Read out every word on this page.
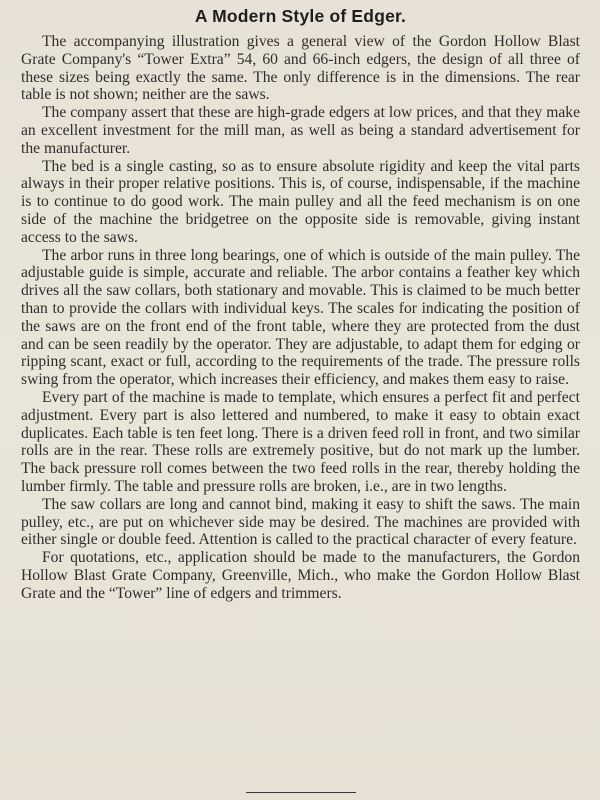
A Modern Style of Edger.

The accompanying illustration gives a general view of the Gordon Hollow Blast Grate Company's “Tower Extra” 54, 60 and 66-inch edgers, the design of all three of these sizes being exactly the same. The only difference is in the dimensions. The rear table is not shown; neither are the saws.

The company assert that these are high-grade edgers at low prices, and that they make an excellent investment for the mill man, as well as being a standard advertisement for the manufacturer.

The bed is a single casting, so as to ensure absolute rigidity and keep the vital parts always in their proper relative positions. This is, of course, indispensable, if the machine is to continue to do good work. The main pulley and all the feed mechanism is on one side of the machine the bridgetree on the opposite side is removable, giving instant access to the saws.

The arbor runs in three long bearings, one of which is outside of the main pulley. The adjustable guide is simple, accurate and reliable. The arbor contains a feather key which drives all the saw collars, both stationary and movable. This is claimed to be much better than to provide the collars with individual keys. The scales for indicating the position of the saws are on the front end of the front table, where they are protected from the dust and can be seen readily by the operator. They are adjustable, to adapt them for edging or ripping scant, exact or full, according to the requirements of the trade. The pressure rolls swing from the operator, which increases their efficiency, and makes them easy to raise.

Every part of the machine is made to template, which ensures a perfect fit and perfect adjustment. Every part is also lettered and numbered, to make it easy to obtain exact duplicates. Each table is ten feet long. There is a driven feed roll in front, and two similar rolls are in the rear. These rolls are extremely positive, but do not mark up the lumber. The back pressure roll comes between the two feed rolls in the rear, thereby holding the lumber firmly. The table and pressure rolls are broken, i.e., are in two lengths.

The saw collars are long and cannot bind, making it easy to shift the saws. The main pulley, etc., are put on whichever side may be desired. The machines are provided with either single or double feed. Attention is called to the practical character of every feature.

For quotations, etc., application should be made to the manufacturers, the Gordon Hollow Blast Grate Company, Greenville, Mich., who make the Gordon Hollow Blast Grate and the “Tower” line of edgers and trimmers.
